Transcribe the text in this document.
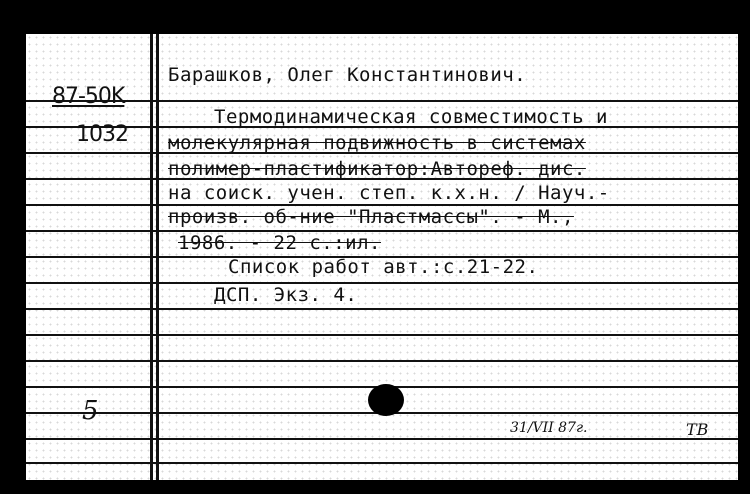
87-50K
1032
Барашков, Олег Константинович.
Термодинамическая совместимость и
молекулярная подвижность в системах
полимер-пластификатор:Автореф. дис.
на соиск. учен. степ. к.х.н. / Науч.-
произв. об-ние "Пластмассы". - М.,
1986. - 22 с.:ил.
Список работ авт.:с.21-22.
ДСП. Экз. 4.
5
31/VII 87г.	ТВ
